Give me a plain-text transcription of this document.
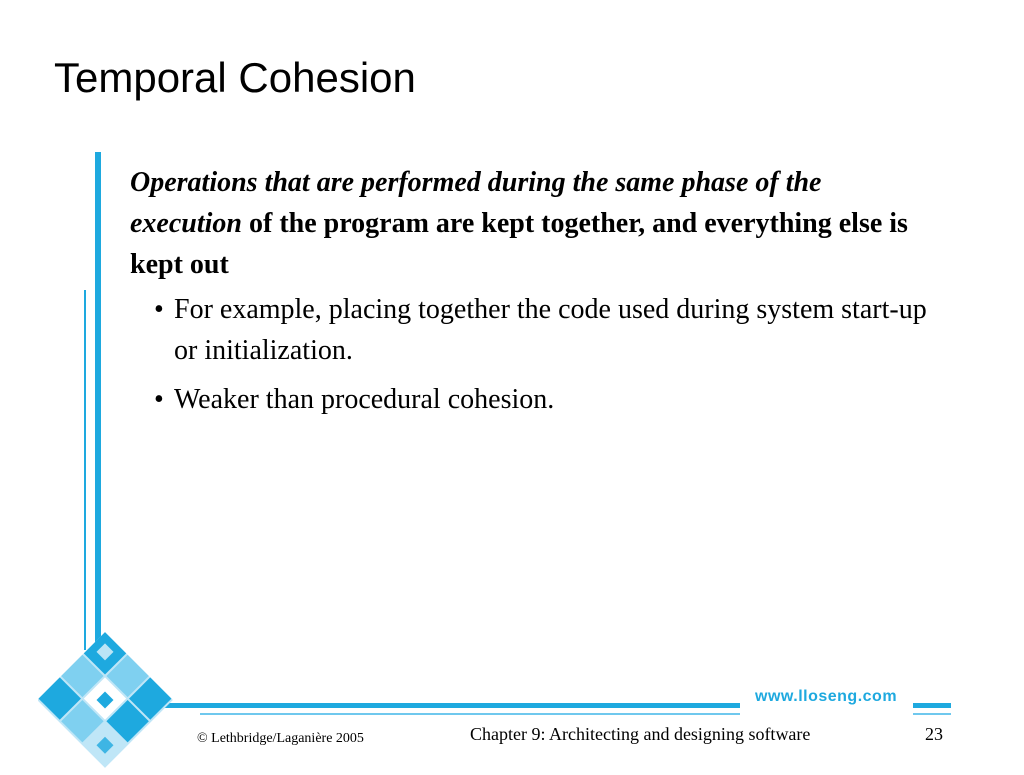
Temporal Cohesion
www.lloseng.com

Operations that are performed during the same phase of the execution of the program are kept together, and everything else is kept out

• For example, placing together the code used during system start-up or initialization.
• Weaker than procedural cohesion.
© Lethbridge/Laganière 2005	Chapter 9: Architecting and designing software	23
